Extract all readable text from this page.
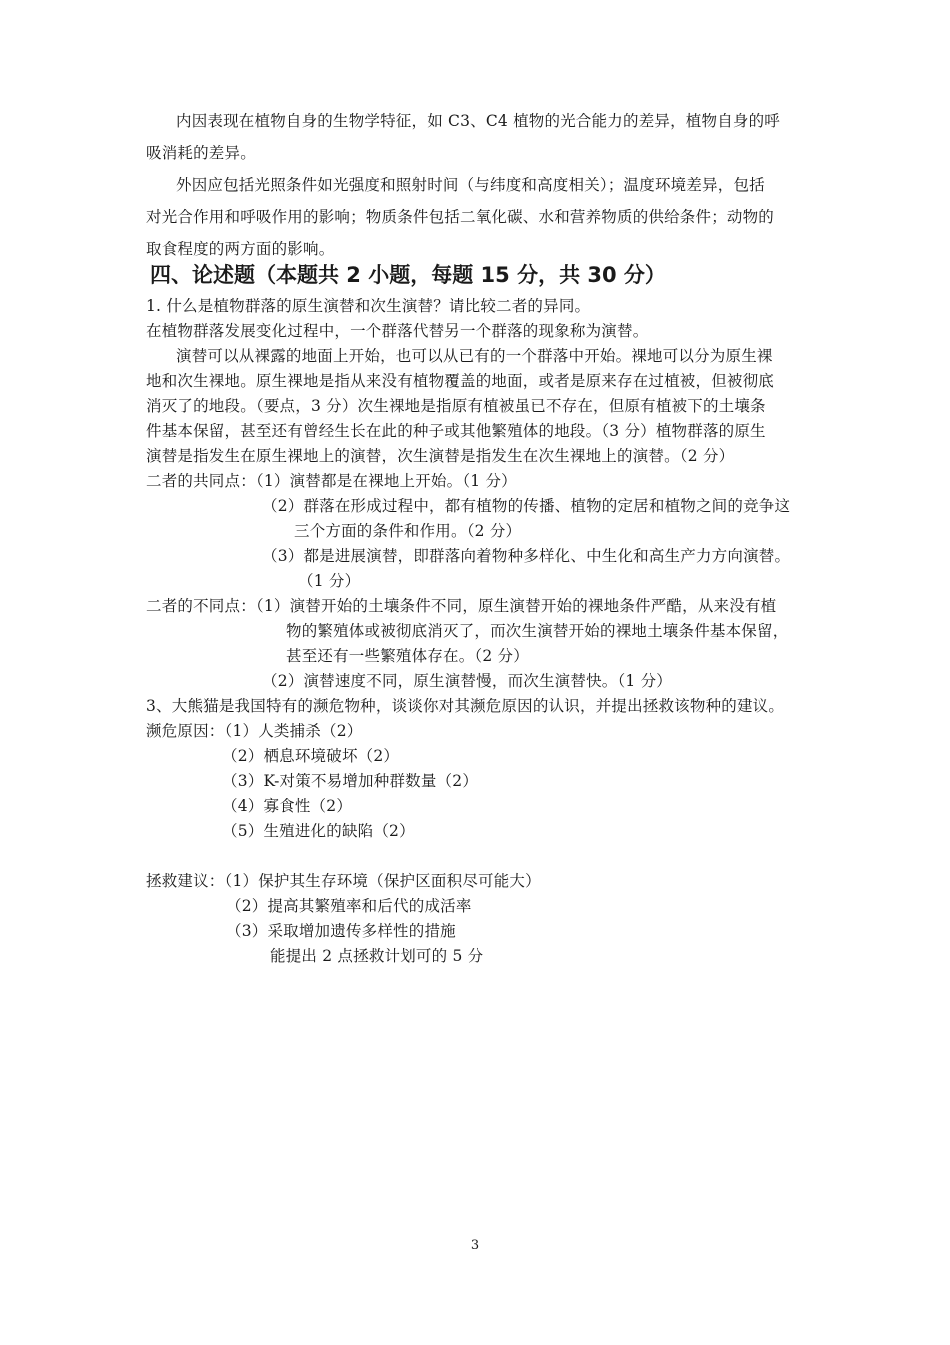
内因表现在植物自身的生物学特征，如 C3、C4 植物的光合能力的差异，植物自身的呼
吸消耗的差异。
外因应包括光照条件如光强度和照射时间（与纬度和高度相关）；温度环境差异，包括
对光合作用和呼吸作用的影响；物质条件包括二氧化碳、水和营养物质的供给条件；动物的
取食程度的两方面的影响。
四、论述题（本题共 2 小题，每题 15 分，共 30 分）
1. 什么是植物群落的原生演替和次生演替？请比较二者的异同。
在植物群落发展变化过程中，一个群落代替另一个群落的现象称为演替。
演替可以从裸露的地面上开始，也可以从已有的一个群落中开始。裸地可以分为原生裸
地和次生裸地。原生裸地是指从来没有植物覆盖的地面，或者是原来存在过植被，但被彻底
消灭了的地段。（要点，3 分）次生裸地是指原有植被虽已不存在，但原有植被下的土壤条
件基本保留，甚至还有曾经生长在此的种子或其他繁殖体的地段。（3 分）植物群落的原生
演替是指发生在原生裸地上的演替，次生演替是指发生在次生裸地上的演替。（2 分）
二者的共同点：（1）演替都是在裸地上开始。（1 分）
（2）群落在形成过程中，都有植物的传播、植物的定居和植物之间的竞争这
三个方面的条件和作用。（2 分）
（3）都是进展演替，即群落向着物种多样化、中生化和高生产力方向演替。
（1 分）
二者的不同点：（1）演替开始的土壤条件不同，原生演替开始的裸地条件严酷，从来没有植
物的繁殖体或被彻底消灭了，而次生演替开始的裸地土壤条件基本保留，
甚至还有一些繁殖体存在。（2 分）
（2）演替速度不同，原生演替慢，而次生演替快。（1 分）
3、大熊猫是我国特有的濒危物种，谈谈你对其濒危原因的认识，并提出拯救该物种的建议。
濒危原因：（1）人类捕杀（2）
（2）栖息环境破坏（2）
（3）K-对策不易增加种群数量（2）
（4）寡食性（2）
（5）生殖进化的缺陷（2）
拯救建议：（1）保护其生存环境（保护区面积尽可能大）
（2）提高其繁殖率和后代的成活率
（3）采取增加遗传多样性的措施
能提出 2 点拯救计划可的 5 分
3
